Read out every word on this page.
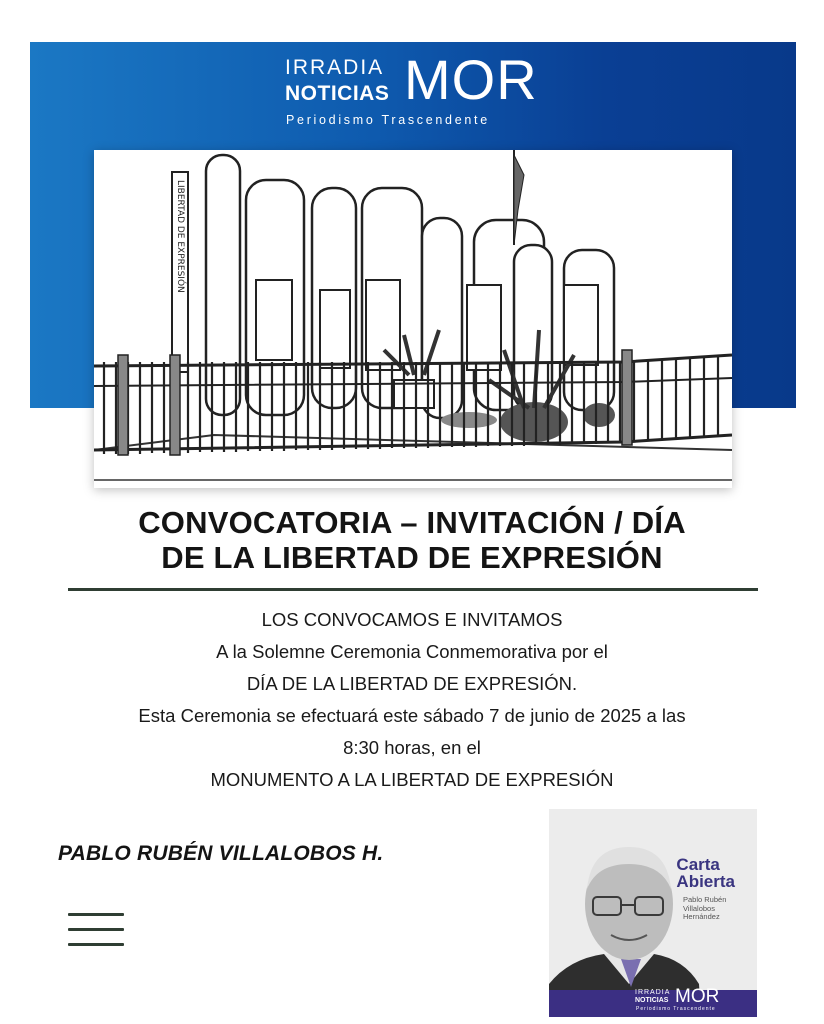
IRRADIA
NOTICIAS MOR
Periodismo Trascendente
LIBERTAD DE EXPRESIÓN
CONVOCATORIA – INVITACIÓN / DÍA
DE LA LIBERTAD DE EXPRESIÓN
LOS CONVOCAMOS E INVITAMOS
A la Solemne Ceremonia Conmemorativa por el
DÍA DE LA LIBERTAD DE EXPRESIÓN.
Esta Ceremonia se efectuará este sábado 7 de junio de 2025 a las
8:30 horas, en el
MONUMENTO A LA LIBERTAD DE EXPRESIÓN
PABLO RUBÉN VILLALOBOS H.	Carta
Abierta
Pablo Rubén
Villalobos
Hernández
IRRADIA
NOTICIAS MOR
Periodismo Trascendente
